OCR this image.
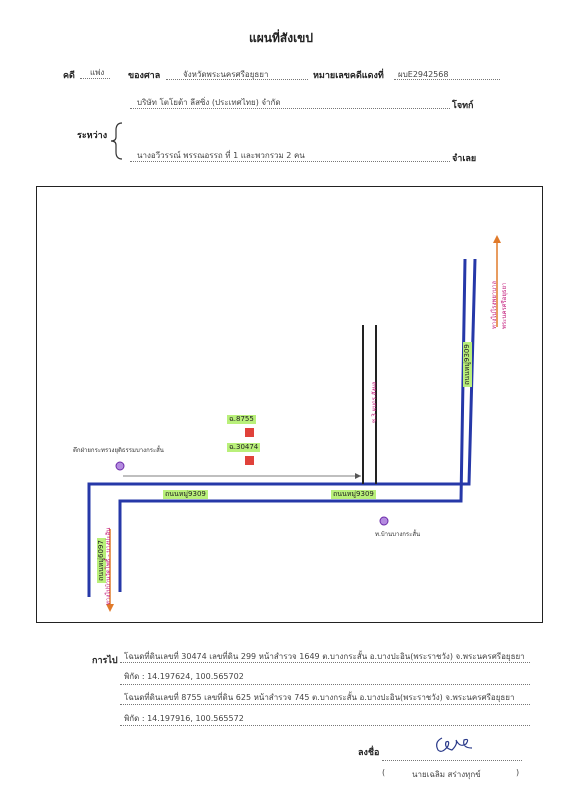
แผนที่สังเขป
คดี แพ่ง	ของศาล	จังหวัดพระนครศรีอยุธยา	หมายเลขคดีแดงที่ ผบE2942568
ระหว่าง
บริษัท โตโยต้า ลีสซิ่ง (ประเทศไทย) จำกัด	โจทก์
นางอวีวรรณ์ พรรณอรรถ ที่ 1 และพวกรวม 2 คน	จำเลย
ถนนหมู่9309	ถนนหมู่9309
ถนนหมู่9309
ถนนหมู่6097
ซ.3 ผบกร.สังผล
ทางไปโรงพยาบาลพระนครศรีอยุธยา
ทางไปบ้านวัดโพธิ์ - บางปะอิน
ฉ.8755
ฉ.30474
ตึกฝ่ายกระทรวงยุติธรรมบางกระสั้น
ท.บ้านบางกระสั้น
การไป โฉนดที่ดินเลขที่ 30474 เลขที่ดิน 299 หน้าสำรวจ 1649 ต.บางกระสั้น อ.บางปะอิน(พระราชวัง) จ.พระนครศรีอยุธยา
พิกัด : 14.197624, 100.565702
โฉนดที่ดินเลขที่ 8755 เลขที่ดิน 625 หน้าสำรวจ 745 ต.บางกระสั้น อ.บางปะอิน(พระราชวัง) จ.พระนครศรีอยุธยา
พิกัด : 14.197916, 100.565572
ลงชื่อ
(	นายเฉลิม สร่างทุกข์	)
